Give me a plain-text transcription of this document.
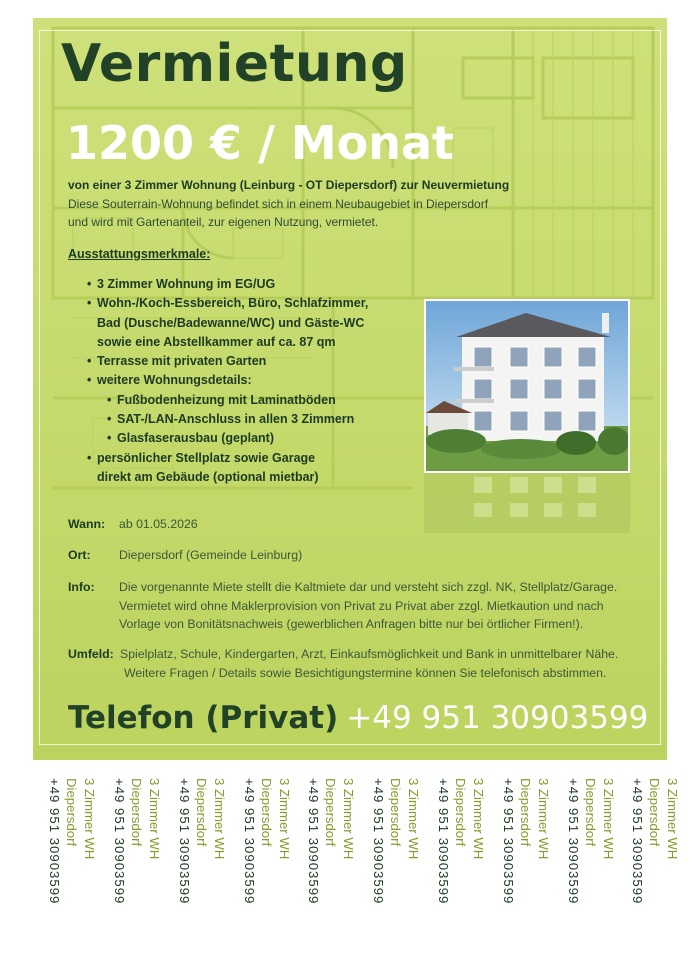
Vermietung
1200 € / Monat
von einer 3 Zimmer Wohnung (Leinburg - OT Diepersdorf) zur Neuvermietung
Diese Souterrain-Wohnung befindet sich in einem Neubaugebiet in Diepersdorf
und wird mit Gartenanteil, zur eigenen Nutzung, vermietet.
Ausstattungsmerkmale:
• 3 Zimmer Wohnung im EG/UG
• Wohn-/Koch-Essbereich, Büro, Schlafzimmer,
Bad (Dusche/Badewanne/WC) und Gäste-WC
sowie eine Abstellkammer auf ca. 87 qm
• Terrasse mit privaten Garten
• weitere Wohnungsdetails:
• Fußbodenheizung mit Laminatböden
• SAT-/LAN-Anschluss in allen 3 Zimmern
• Glasfaserausbau (geplant)
• persönlicher Stellplatz sowie Garage
direkt am Gebäude (optional mietbar)
Wann: ab 01.05.2026
Ort: Diepersdorf (Gemeinde Leinburg)
Info: Die vorgenannte Miete stellt die Kaltmiete dar und versteht sich zzgl. NK, Stellplatz/Garage.
Vermietet wird ohne Maklerprovision von Privat zu Privat aber zzgl. Mietkaution und nach
Vorlage von Bonitätsnachweis (gewerblichen Anfragen bitte nur bei örtlicher Firmen!).
Umfeld: Spielplatz, Schule, Kindergarten, Arzt, Einkaufsmöglichkeit und Bank in unmittelbarer Nähe.
Weitere Fragen / Details sowie Besichtigungstermine können Sie telefonisch abstimmen.
Telefon (Privat) +49 951 30903599
3 Zimmer WH
Diepersdorf
+49 951 30903599	3 Zimmer WH
Diepersdorf
+49 951 30903599	3 Zimmer WH
Diepersdorf
+49 951 30903599	3 Zimmer WH
Diepersdorf
+49 951 30903599	3 Zimmer WH
Diepersdorf
+49 951 30903599	3 Zimmer WH
Diepersdorf
+49 951 30903599	3 Zimmer WH
Diepersdorf
+49 951 30903599	3 Zimmer WH
Diepersdorf
+49 951 30903599	3 Zimmer WH
Diepersdorf
+49 951 30903599	3 Zimmer WH
Diepersdorf
+49 951 30903599
